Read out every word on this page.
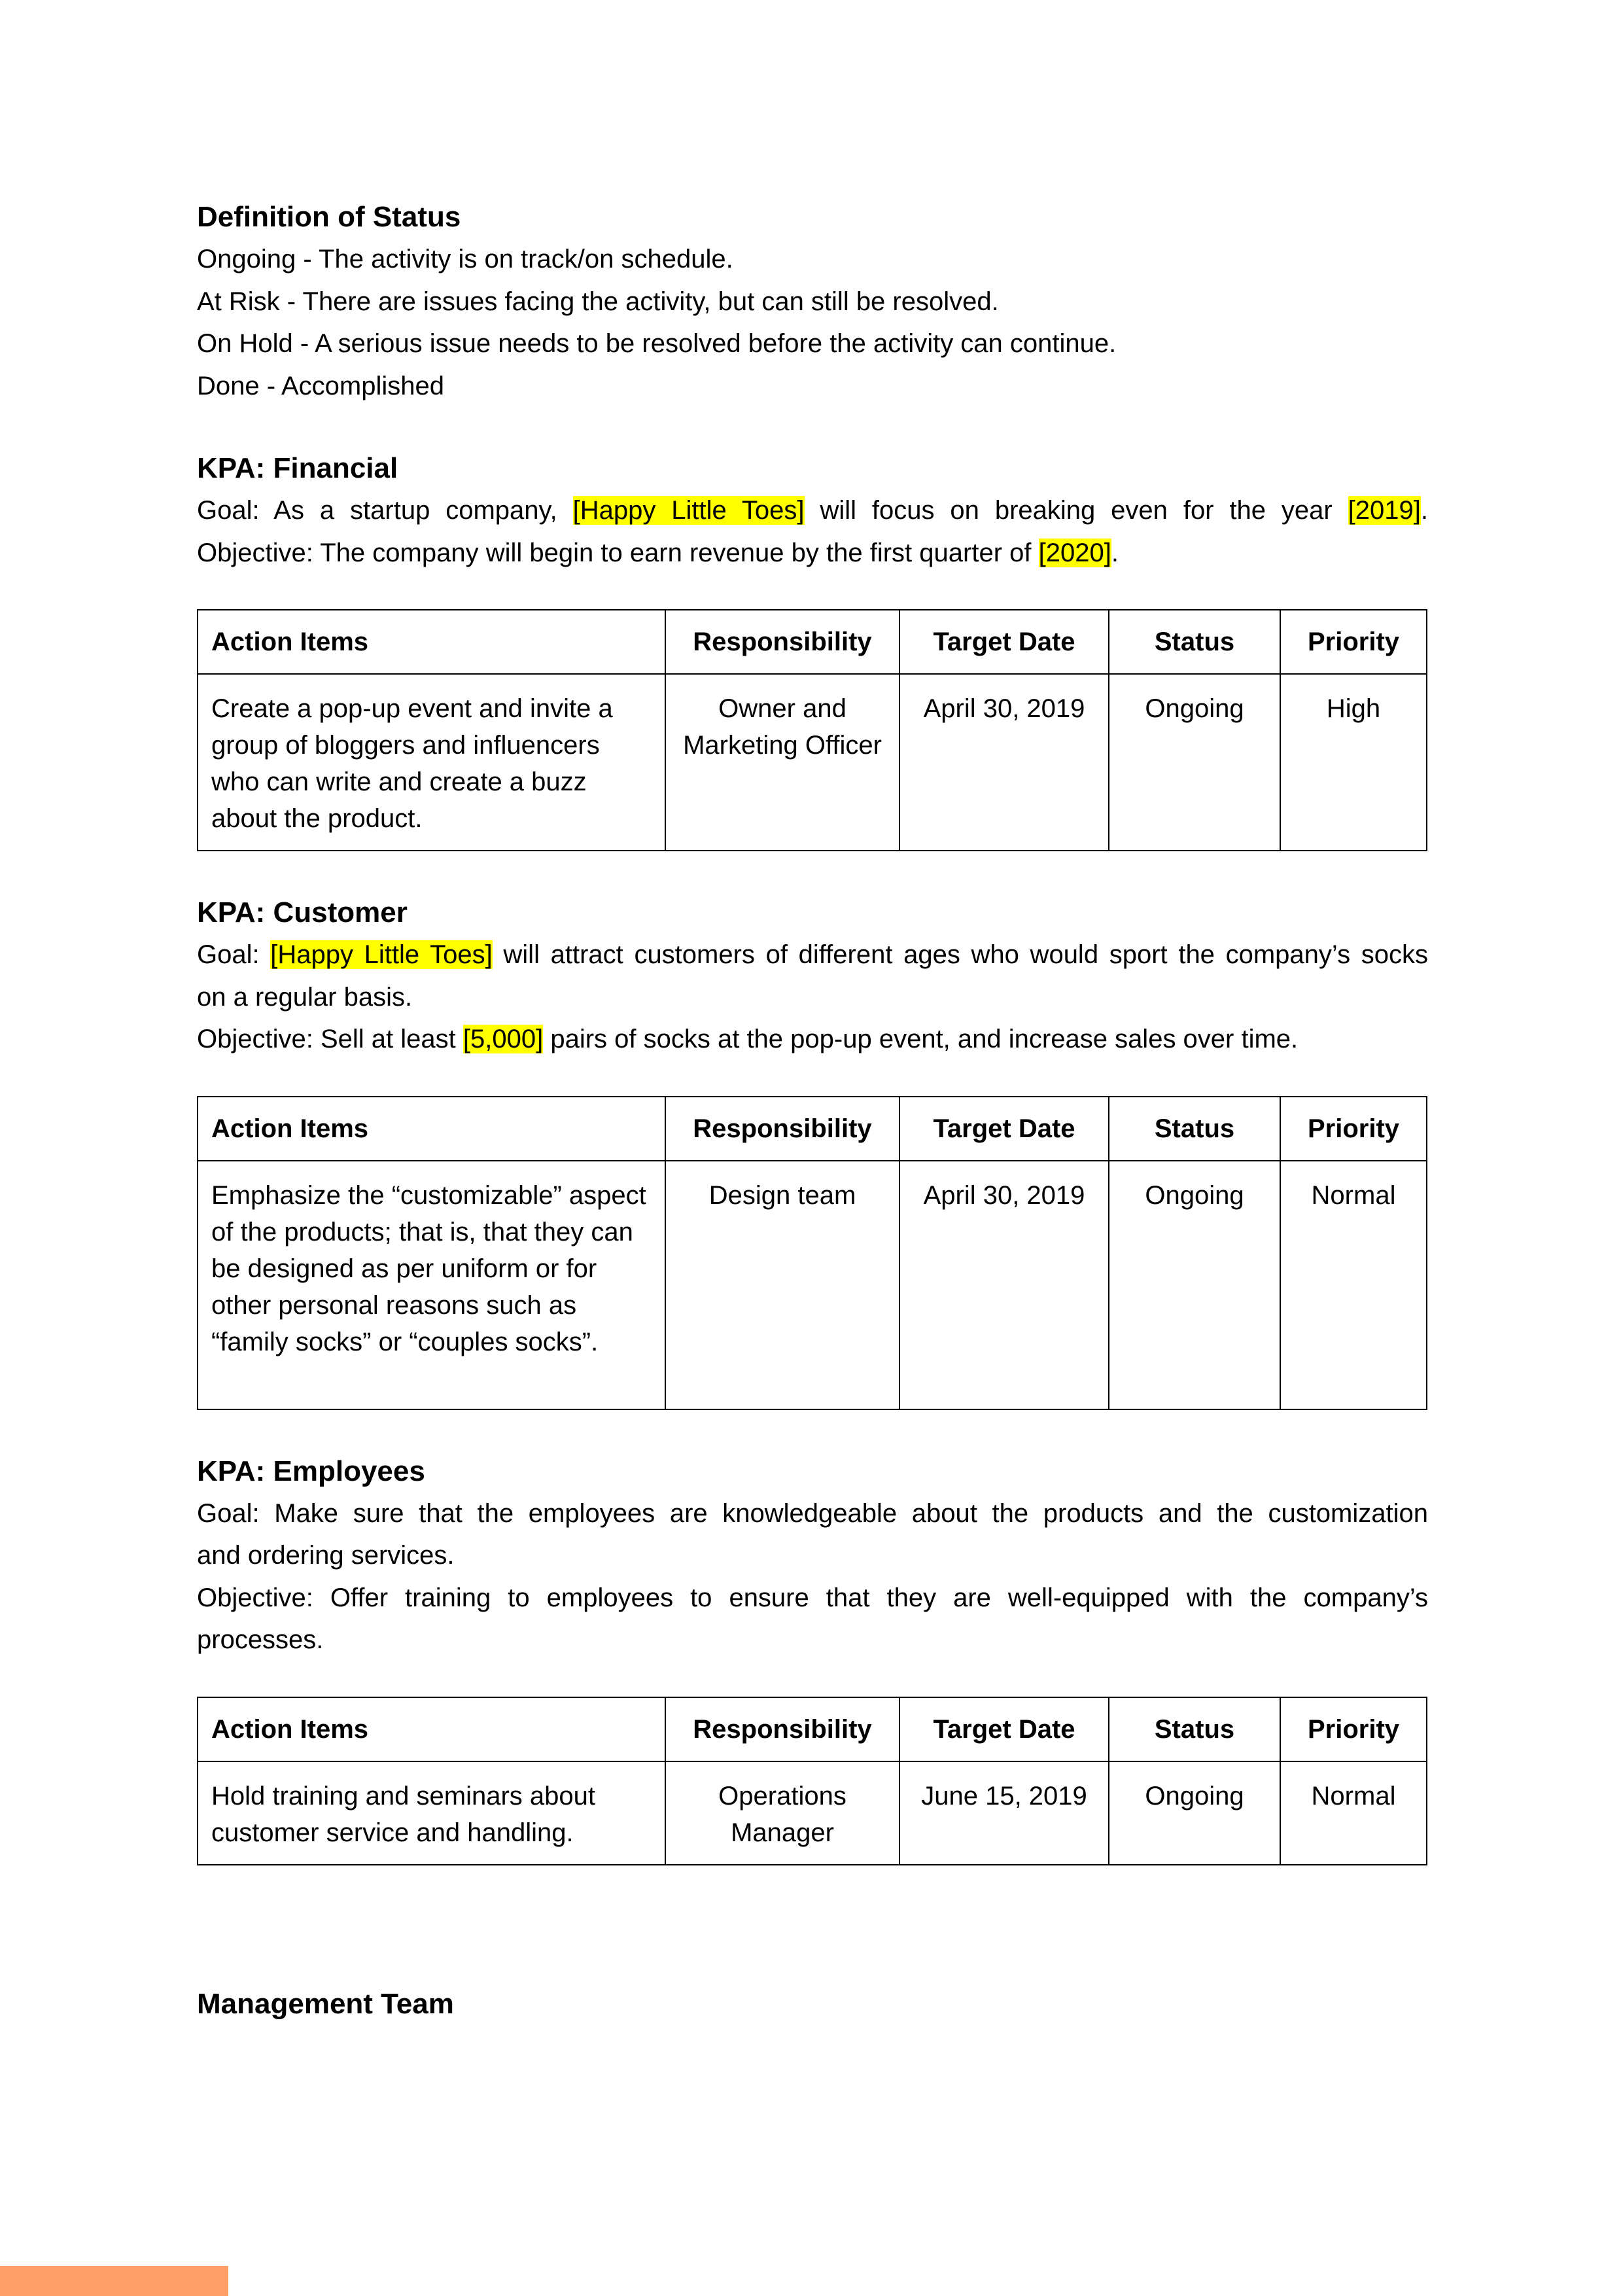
Definition of Status

Ongoing - The activity is on track/on schedule.

At Risk - There are issues facing the activity, but can still be resolved.

On Hold - A serious issue needs to be resolved before the activity can continue.

Done - Accomplished

KPA: Financial

Goal: As a startup company, [Happy Little Toes] will focus on breaking even for the year [2019].

Objective: The company will begin to earn revenue by the first quarter of [2020].

Action Items	Responsibility	Target Date	Status	Priority
Create a pop-up event and invite a group of bloggers and influencers who can write and create a buzz about the product.	Owner and Marketing Officer	April 30, 2019	Ongoing	High

KPA: Customer

Goal: [Happy Little Toes] will attract customers of different ages who would sport the company’s socks

on a regular basis.

Objective: Sell at least [5,000] pairs of socks at the pop-up event, and increase sales over time.

Action Items	Responsibility	Target Date	Status	Priority
Emphasize the “customizable” aspect of the products; that is, that they can be designed as per uniform or for other personal reasons such as “family socks” or “couples socks”.	Design team	April 30, 2019	Ongoing	Normal

KPA: Employees

Goal: Make sure that the employees are knowledgeable about the products and the customization

and ordering services.

Objective: Offer training to employees to ensure that they are well-equipped with the company’s

processes.

Action Items	Responsibility	Target Date	Status	Priority
Hold training and seminars about customer service and handling.	Operations Manager	June 15, 2019	Ongoing	Normal

Management Team
